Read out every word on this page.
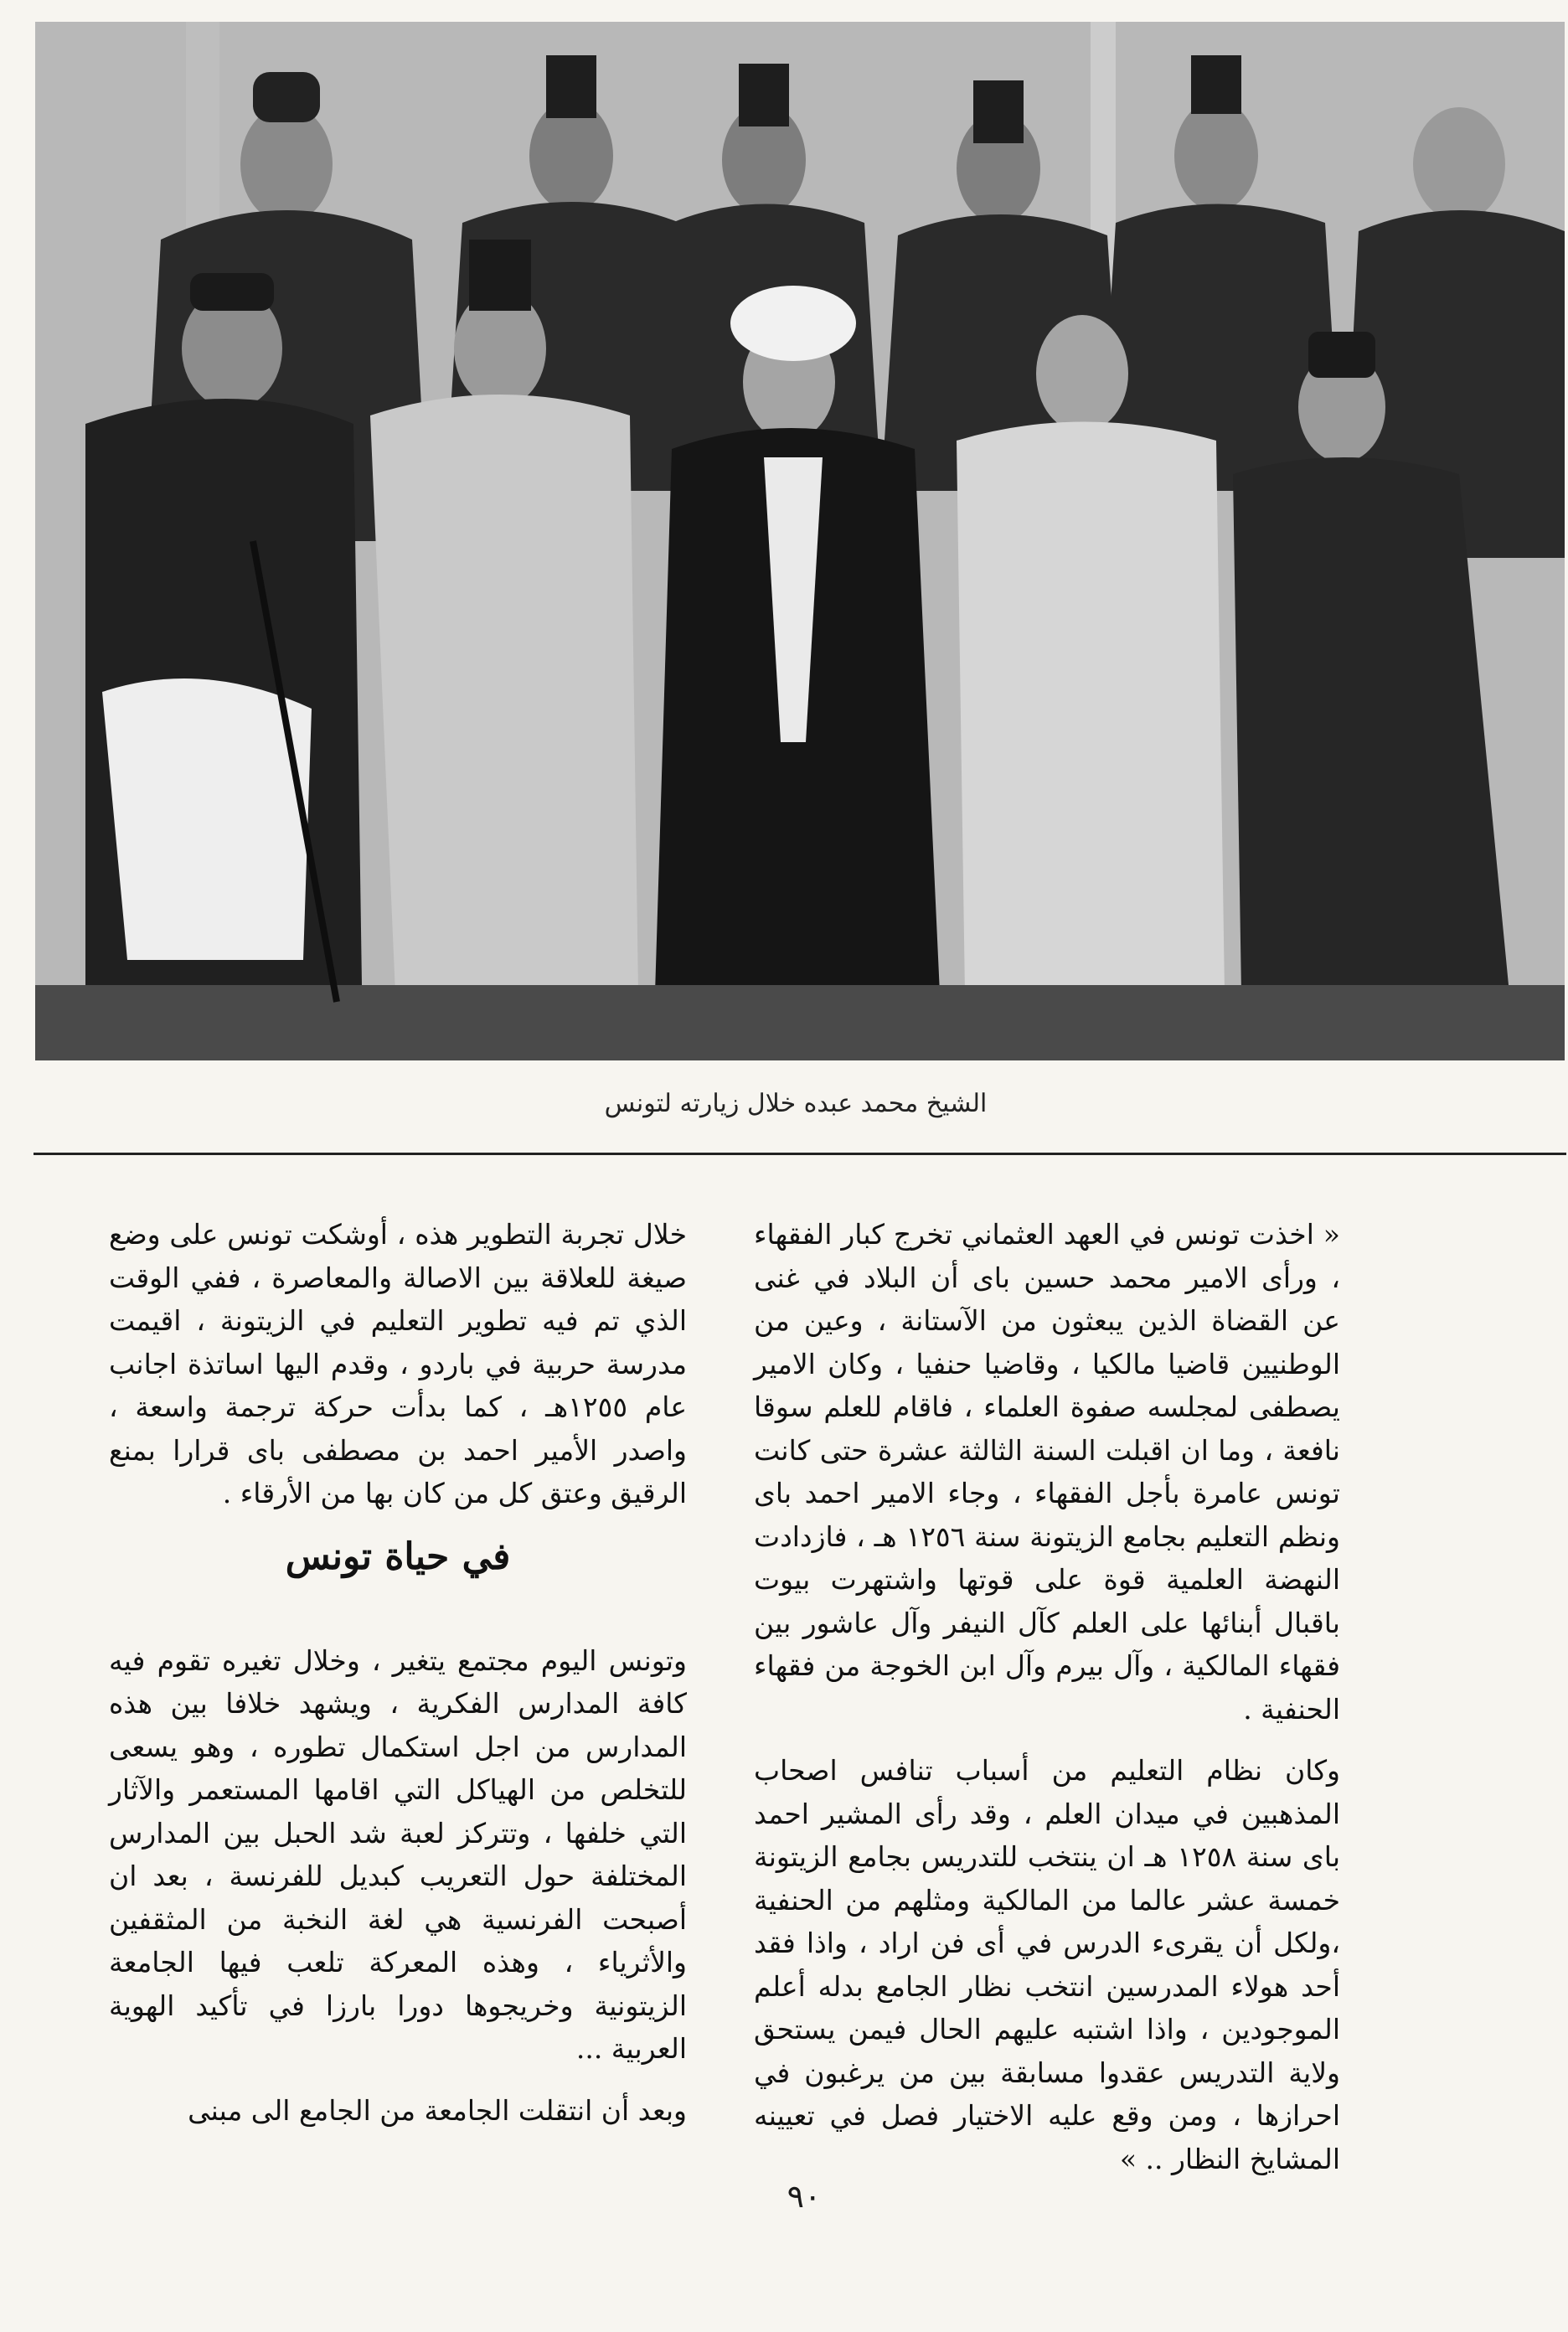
الشيخ محمد عبده خلال زيارته لتونس

« اخذت تونس في العهد العثماني تخرج كبار الفقهاء ، ورأى الامير محمد حسين باى أن البلاد في غنى عن القضاة الذين يبعثون من الآستانة ، وعين من الوطنيين قاضيا مالكيا ، وقاضيا حنفيا ، وكان الامير يصطفى لمجلسه صفوة العلماء ، فاقام للعلم سوقا نافعة ، وما ان اقبلت السنة الثالثة عشرة حتى كانت تونس عامرة بأجل الفقهاء ، وجاء الامير احمد باى ونظم التعليم بجامع الزيتونة سنة ١٢٥٦ هـ ، فازدادت النهضة العلمية قوة على قوتها واشتهرت بيوت باقبال أبنائها على العلم كآل النيفر وآل عاشور بين فقهاء المالكية ، وآل بيرم وآل ابن الخوجة من فقهاء الحنفية .

وكان نظام التعليم من أسباب تنافس اصحاب المذهبين في ميدان العلم ، وقد رأى المشير احمد باى سنة ١٢٥٨ هـ ان ينتخب للتدريس بجامع الزيتونة خمسة عشر عالما من المالكية ومثلهم من الحنفية ،ولكل أن يقرىء الدرس في أى فن اراد ، واذا فقد أحد هولاء المدرسين انتخب نظار الجامع بدله أعلم الموجودين ، واذا اشتبه عليهم الحال فيمن يستحق ولاية التدريس عقدوا مسابقة بين من يرغبون في احرازها ، ومن وقع عليه الاختيار فصل في تعيينه المشايخ النظار .. »

خلال تجربة التطوير هذه ، أوشكت تونس على وضع صيغة للعلاقة بين الاصالة والمعاصرة ، ففي الوقت الذي تم فيه تطوير التعليم في الزيتونة ، اقيمت مدرسة حربية في باردو ، وقدم اليها اساتذة اجانب عام ١٢٥٥هـ ، كما بدأت حركة ترجمة واسعة ، واصدر الأمير احمد بن مصطفى باى قرارا بمنع الرقيق وعتق كل من كان بها من الأرقاء .

في حياة تونس

وتونس اليوم مجتمع يتغير ، وخلال تغيره تقوم فيه كافة المدارس الفكرية ، ويشهد خلافا بين هذه المدارس من اجل استكمال تطوره ، وهو يسعى للتخلص من الهياكل التي اقامها المستعمر والآثار التي خلفها ، وتتركز لعبة شد الحبل بين المدارس المختلفة حول التعريب كبديل للفرنسة ، بعد ان أصبحت الفرنسية هي لغة النخبة من المثقفين والأثرياء ، وهذه المعركة تلعب فيها الجامعة الزيتونية وخريجوها دورا بارزا في تأكيد الهوية العربية ...

وبعد أن انتقلت الجامعة من الجامع الى مبنى

٩٠
